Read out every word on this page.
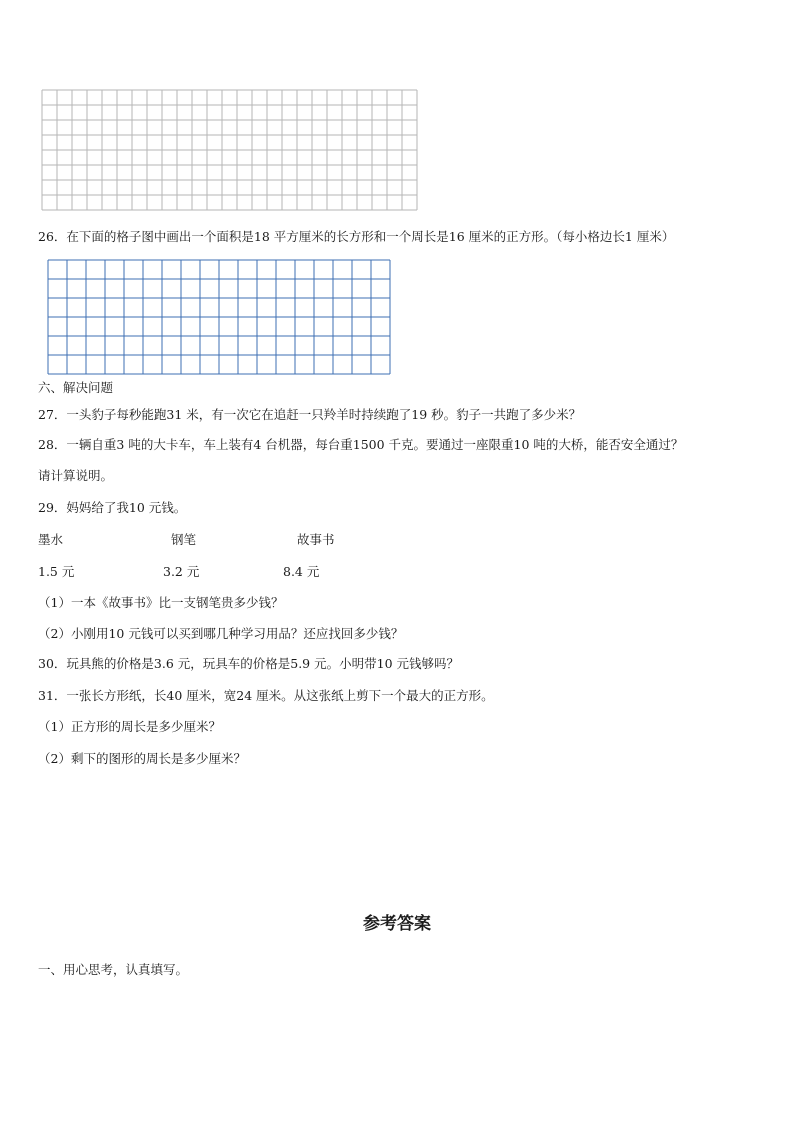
26．在下面的格子图中画出一个面积是18 平方厘米的长方形和一个周长是16 厘米的正方形。（每小格边长1 厘米）
六、解决问题
27．一头豹子每秒能跑31 米，有一次它在追赶一只羚羊时持续跑了19 秒。豹子一共跑了多少米？
28．一辆自重3 吨的大卡车，车上装有4 台机器，每台重1500 千克。要通过一座限重10 吨的大桥，能否安全通过？
请计算说明。
29．妈妈给了我10 元钱。
墨水	钢笔	故事书
1.5 元	3.2 元	8.4 元
（1）一本《故事书》比一支钢笔贵多少钱？
（2）小刚用10 元钱可以买到哪几种学习用品？还应找回多少钱？
30．玩具熊的价格是3.6 元，玩具车的价格是5.9 元。小明带10 元钱够吗？
31．一张长方形纸，长40 厘米，宽24 厘米。从这张纸上剪下一个最大的正方形。
（1）正方形的周长是多少厘米？
（2）剩下的图形的周长是多少厘米？
参考答案
一、用心思考，认真填写。
